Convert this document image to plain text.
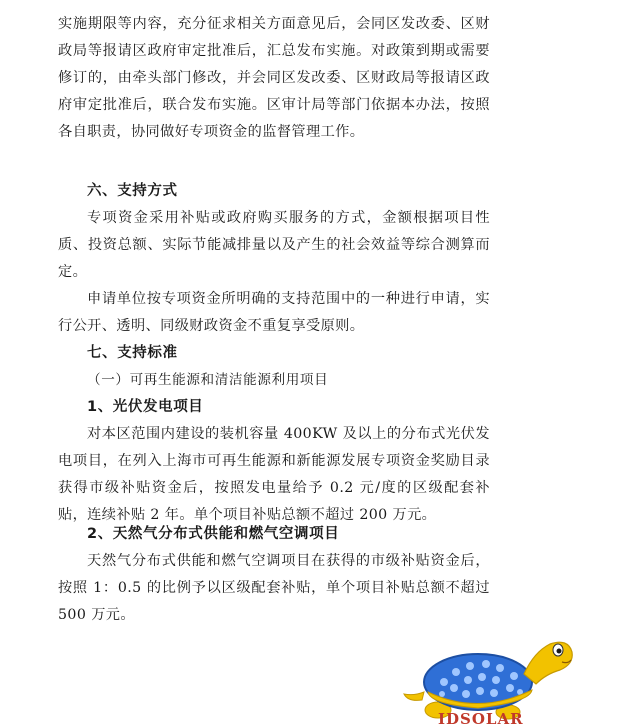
实施期限等内容，充分征求相关方面意见后，会同区发改委、区财政局等报请区政府审定批准后，汇总发布实施。对政策到期或需要修订的，由牵头部门修改，并会同区发改委、区财政局等报请区政府审定批准后，联合发布实施。区审计局等部门依据本办法，按照各自职责，协同做好专项资金的监督管理工作。

六、支持方式

专项资金采用补贴或政府购买服务的方式，金额根据项目性质、投资总额、实际节能减排量以及产生的社会效益等综合测算而定。

申请单位按专项资金所明确的支持范围中的一种进行申请，实行公开、透明、同级财政资金不重复享受原则。

七、支持标准

（一）可再生能源和清洁能源利用项目

1、光伏发电项目

对本区范围内建设的装机容量 400KW 及以上的分布式光伏发电项目，在列入上海市可再生能源和新能源发展专项资金奖励目录获得市级补贴资金后，按照发电量给予 0.2 元/度的区级配套补贴，连续补贴 2 年。单个项目补贴总额不超过 200 万元。

2、天然气分布式供能和燃气空调项目

天然气分布式供能和燃气空调项目在获得的市级补贴资金后，按照 1：0.5 的比例予以区级配套补贴，单个项目补贴总额不超过 500 万元。

IDSOLAR
